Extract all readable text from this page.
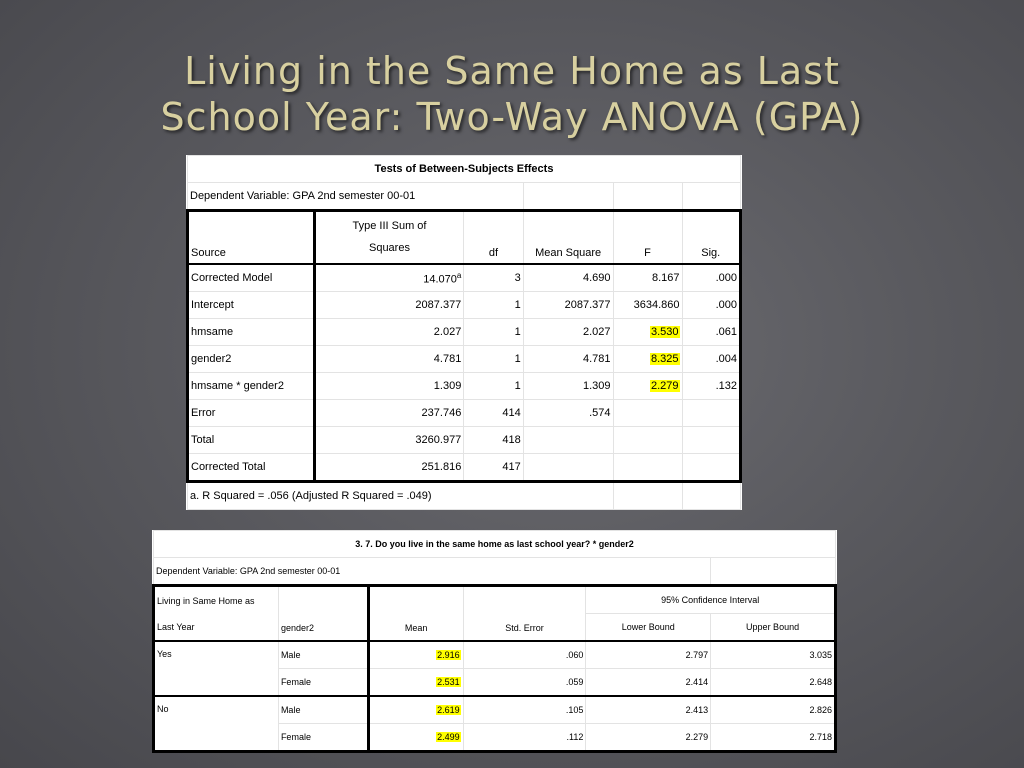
Living in the Same Home as Last
School Year: Two-Way ANOVA (GPA)
Tests of Between-Subjects Effects					
Dependent Variable: GPA 2nd semester 00-01					
Source	Type III Sum of
Squares	df	Mean Square	F	Sig.
Corrected Model	14.070$^a$	3	4.690	8.167	.000
Intercept	2087.377	1	2087.377	3634.860	.000
hmsame	2.027	1	2.027	3.530	.061
gender2	4.781	1	4.781	8.325	.004
hmsame * gender2	1.309	1	1.309	2.279	.132
Error	237.746	414	.574		
Total	3260.977	418			
Corrected Total	251.816	417			
a. R Squared = .056 (Adjusted R Squared = .049)					
3. 7. Do you live in the same home as last school year? * gender2					
Dependent Variable: GPA 2nd semester 00-01					
Living in Same Home as
Last Year	gender2	Mean	Std. Error	95% Confidence Interval	
				Lower Bound	Upper Bound
Yes	Male	2.916	.060	2.797	3.035
	Female	2.531	.059	2.414	2.648
No	Male	2.619	.105	2.413	2.826
	Female	2.499	.112	2.279	2.718
